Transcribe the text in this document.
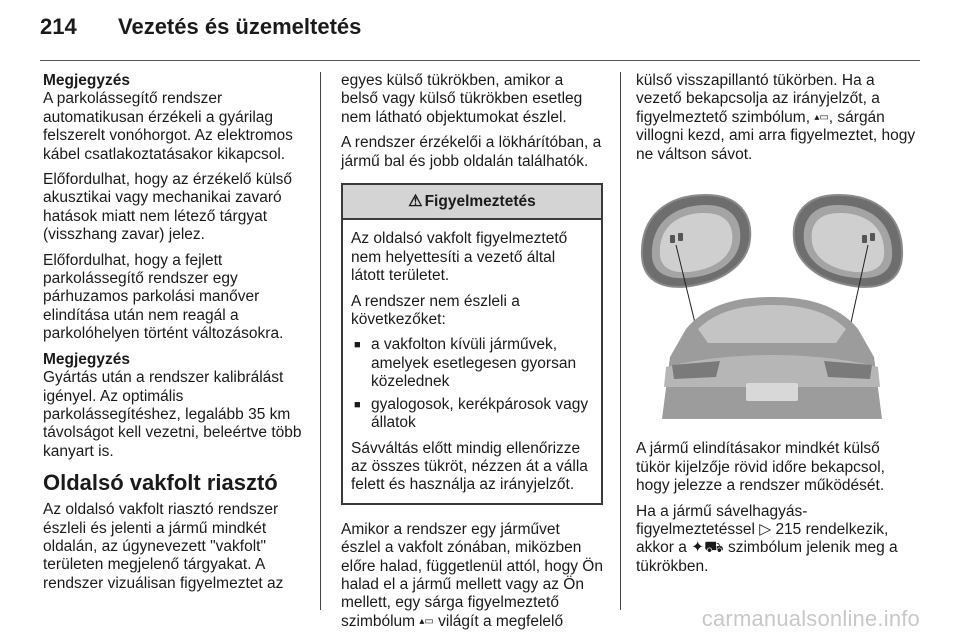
214 Vezetés és üzemeltetés

Megjegyzés

A parkolássegítő rendszer automatikusan érzékeli a gyárilag felszerelt vonóhorgot. Az elektromos kábel csatlakoztatásakor kikapcsol.

Előfordulhat, hogy az érzékelő külső akusztikai vagy mechanikai zavaró hatások miatt nem létező tárgyat (visszhang zavar) jelez.

Előfordulhat, hogy a fejlett parkolássegítő rendszer egy párhuzamos parkolási manőver elindítása után nem reagál a parkolóhelyen történt változásokra.

Megjegyzés

Gyártás után a rendszer kalibrálást igényel. Az optimális parkolássegítéshez, legalább 35 km távolságot kell vezetni, beleértve több kanyart is.

Oldalsó vakfolt riasztó

Az oldalsó vakfolt riasztó rendszer észleli és jelenti a jármű mindkét oldalán, az úgynevezett "vakfolt" területen megjelenő tárgyakat. A rendszer vizuálisan figyelmeztet az

egyes külső tükrökben, amikor a belső vagy külső tükrökben esetleg nem látható objektumokat észlel.

A rendszer érzékelői a lökhárítóban, a jármű bal és jobb oldalán találhatók.

⚠ Figyelmeztetés

Az oldalsó vakfolt figyelmeztető nem helyettesíti a vezető által látott területet.

A rendszer nem észleli a következőket:

■ a vakfolton kívüli járművek, amelyek esetlegesen gyorsan közelednek
■ gyalogosok, kerékpárosok vagy állatok

Sávváltás előtt mindig ellenőrizze az összes tükröt, nézzen át a válla felett és használja az irányjelzőt.

Amikor a rendszer egy járművet észlel a vakfolt zónában, miközben előre halad, függetlenül attól, hogy Ön halad el a jármű mellett vagy az Ön mellett, egy sárga figyelmeztető szimbólum ▴▭ világít a megfelelő

külső visszapillantó tükörben. Ha a vezető bekapcsolja az irányjelzőt, a figyelmeztető szimbólum, ▴▭, sárgán villogni kezd, ami arra figyelmeztet, hogy ne váltson sávot.

A jármű elindításakor mindkét külső tükör kijelzője rövid időre bekapcsol, hogy jelezze a rendszer működését.

Ha a jármű sávelhagyás-figyelmeztetéssel ▷ 215 rendelkezik, akkor a ✦⛟ szimbólum jelenik meg a tükrökben.

carmanualsonline.info
